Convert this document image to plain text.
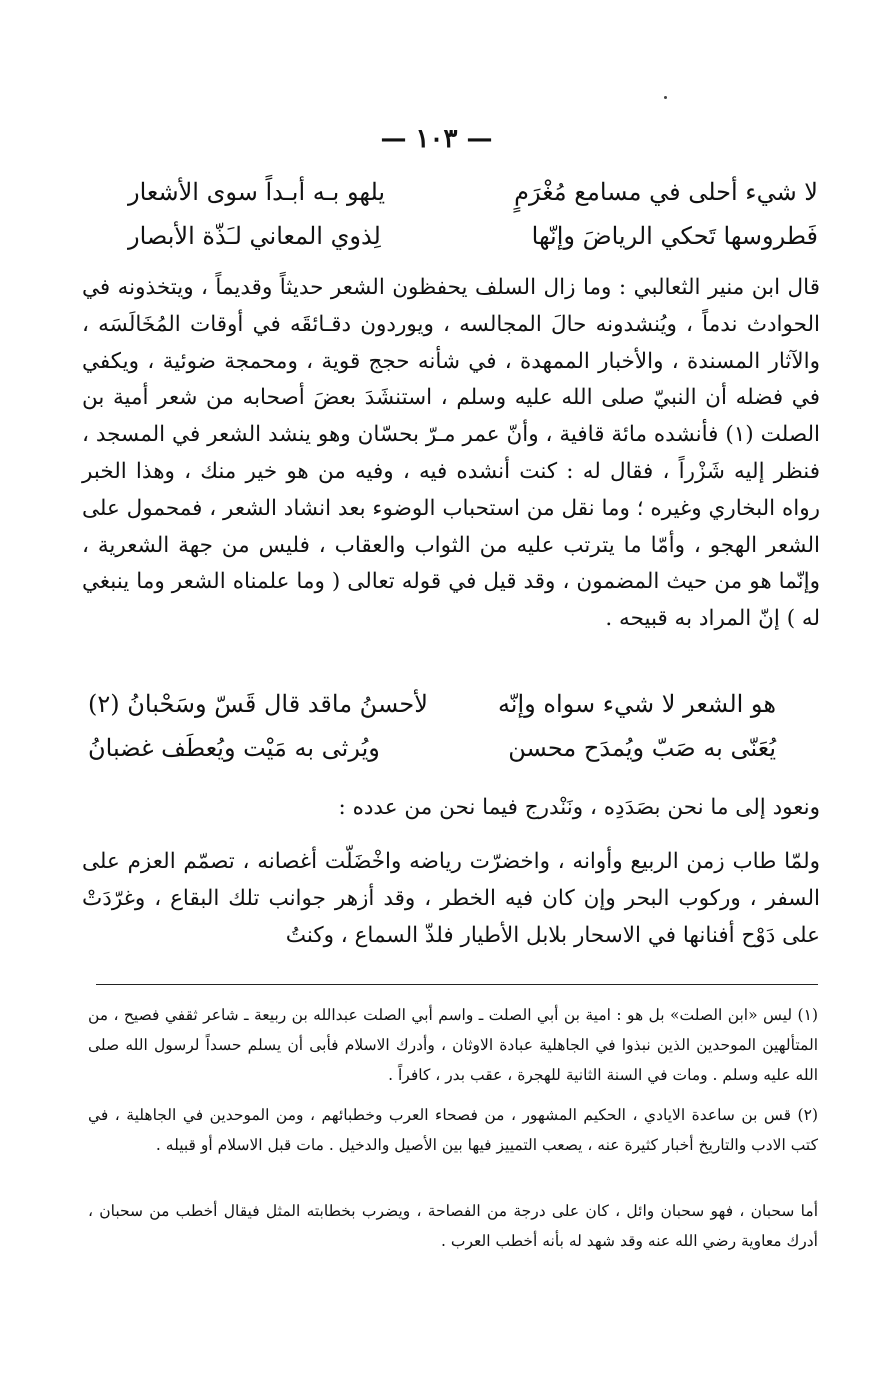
— ١٠٣ —
لا شيء أحلى في مسامع مُغْرَمٍ
يلهو بـه أبـداً سوى الأشعار
فَطروسها تَحكي الرياضَ وإنّها
لِذوي المعاني لـَذّة الأبصار

قال ابن منير الثعالبي : وما زال السلف يحفظون الشعر حديثاً وقديماً ، ويتخذونه في الحوادث ندماً ، ويُنشدونه حالَ المجالسه ، ويوردون دقـائقَه في أوقات المُخَالَسَه ، والآثار المسندة ، والأخبار الممهدة ، في شأنه حجج قوية ، ومحمجة ضوئية ، ويكفي في فضله أن النبيّ صلى الله عليه وسلم ، استنشَدَ بعضَ أصحابه من شعر أمية بن الصلت (١) فأنشده مائة قافية ، وأنّ عمر مـرّ بحسّان وهو ينشد الشعر في المسجد ، فنظر إليه شَزْراً ، فقال له : كنت أنشده فيه ، وفيه من هو خير منك ، وهذا الخبر رواه البخاري وغيره ؛ وما نقل من استحباب الوضوء بعد انشاد الشعر ، فمحمول على الشعر الهجو ، وأمّا ما يترتب عليه من الثواب والعقاب ، فليس من جهة الشعرية ، وإنّما هو من حيث المضمون ، وقد قيل في قوله تعالى ( وما علمناه الشعر وما ينبغي له ) إنّ المراد به قبيحه .

هو الشعر لا شيء سواه وإنّه
لأحسنُ ماقد قال قَسّ وسَحْبانُ (٢)
يُعَنّى به صَبّ ويُمدَح محسن
ويُرثى به مَيْت ويُعطَف غضبانُ

ونعود إلى ما نحن بصَدَدِه ، ونَنْدرج فيما نحن من عدده :

ولمّا طاب زمن الربيع وأوانه ، واخضرّت رياضه واخْضَلّت أغصانه ، تصمّم العزم على السفر ، وركوب البحر وإن كان فيه الخطر ، وقد أزهر جوانب تلك البقاع ، وغرّدَتْ على دَوْح أفنانها في الاسحار بلابل الأطيار فلذّ السماع ، وكنتُ

(١) ليس «ابن الصلت» بل هو : امية بن أبي الصلت ـ واسم أبي الصلت عبدالله بن ربيعة ـ شاعر ثقفي فصيح ، من المتألهين الموحدين الذين نبذوا في الجاهلية عبادة الاوثان ، وأدرك الاسلام فأبى أن يسلم حسداً لرسول الله صلى الله عليه وسلم . ومات في السنة الثانية للهجرة ، عقب بدر ، كافراً .

(٢) قس بن ساعدة الايادي ، الحكيم المشهور ، من فصحاء العرب وخطبائهم ، ومن الموحدين في الجاهلية ، في كتب الادب والتاريخ أخبار كثيرة عنه ، يصعب التمييز فيها بين الأصيل والدخيل . مات قبل الاسلام أو قبيله .

أما سحبان ، فهو سحبان وائل ، كان على درجة من الفصاحة ، ويضرب بخطابته المثل فيقال أخطب من سحبان ، أدرك معاوية رضي الله عنه وقد شهد له بأنه أخطب العرب .
